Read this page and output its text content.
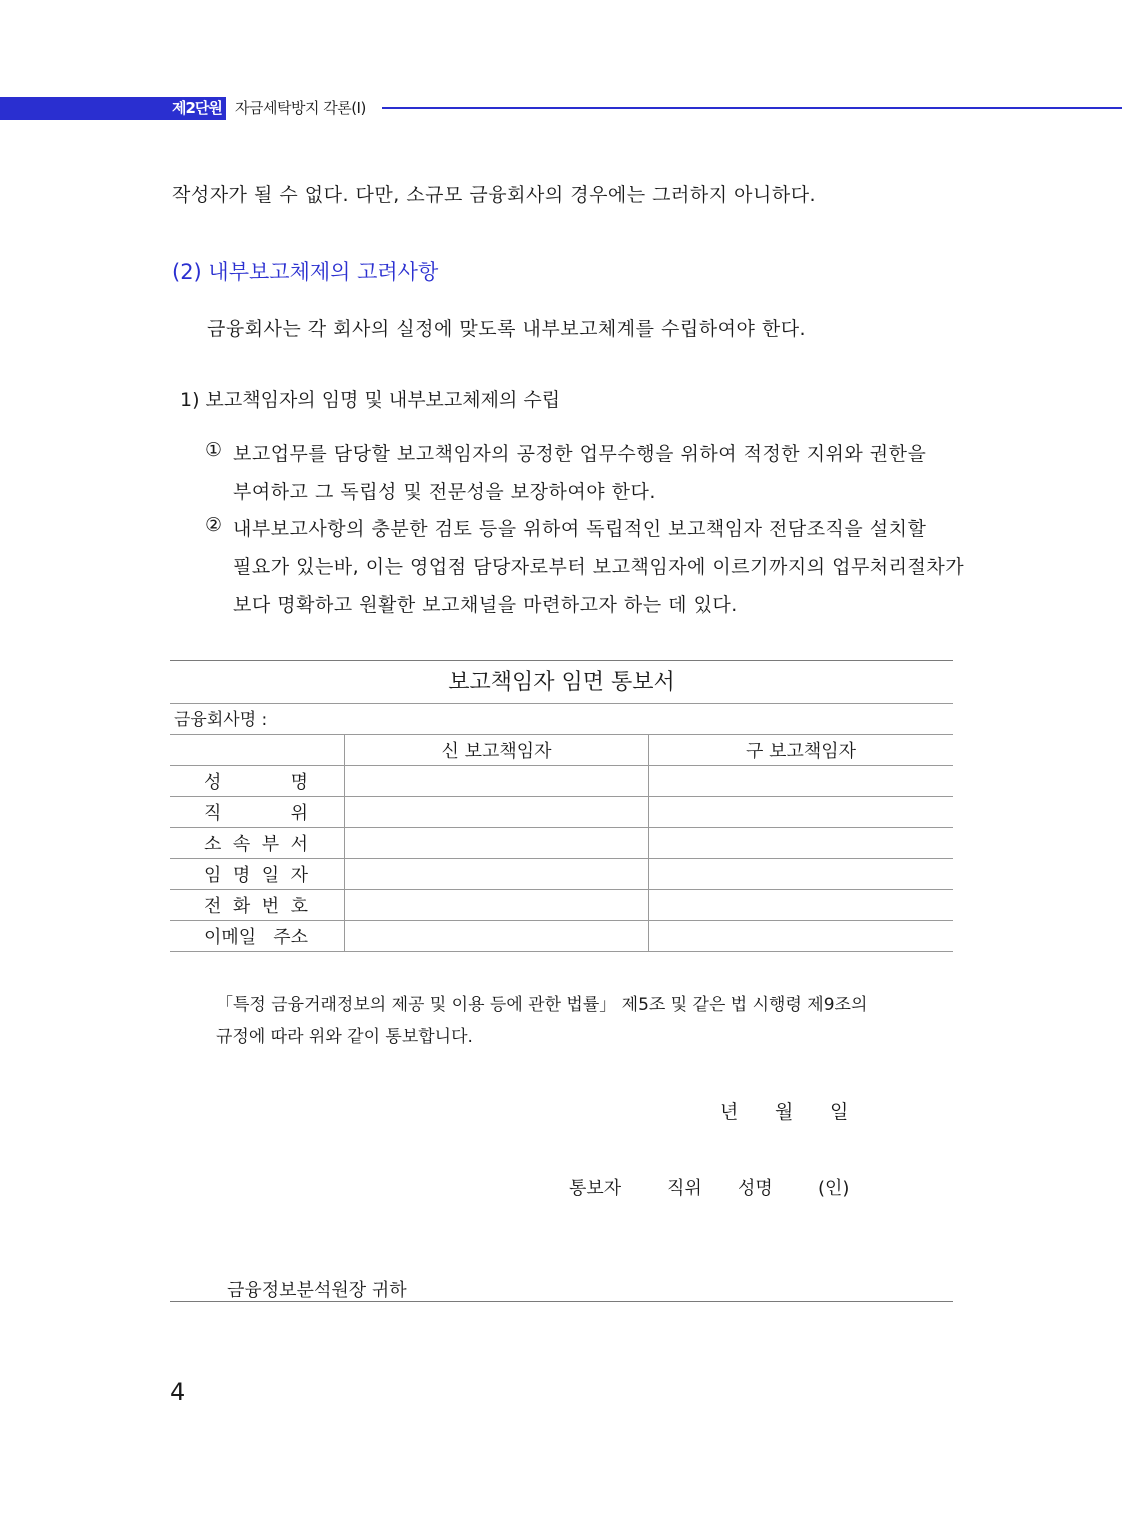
제2단원 자금세탁방지 각론(Ⅰ)
작성자가 될 수 없다. 다만, 소규모 금융회사의 경우에는 그러하지 아니하다.
(2) 내부보고체제의 고려사항
금융회사는 각 회사의 실정에 맞도록 내부보고체계를 수립하여야 한다.
1) 보고책임자의 임명 및 내부보고체제의 수립
① 보고업무를 담당할 보고책임자의 공정한 업무수행을 위하여 적정한 지위와 권한을
부여하고 그 독립성 및 전문성을 보장하여야 한다.
② 내부보고사항의 충분한 검토 등을 위하여 독립적인 보고책임자 전담조직을 설치할
필요가 있는바, 이는 영업점 담당자로부터 보고책임자에 이르기까지의 업무처리절차가
보다 명확하고 원활한 보고채널을 마련하고자 하는 데 있다.
보고책임자 임면 통보서
금융회사명 :
	신 보고책임자	구 보고책임자

성 명		

직 위		

소 속 부 서		

임 명 일 자		

전 화 번 호		

이메일 주소		

「특정 금융거래정보의 제공 및 이용 등에 관한 법률」 제5조 및 같은 법 시행령 제9조의
규정에 따라 위와 같이 통보합니다.
년 월 일
통보자	직위 성명	(인)
금융정보분석원장 귀하
4
